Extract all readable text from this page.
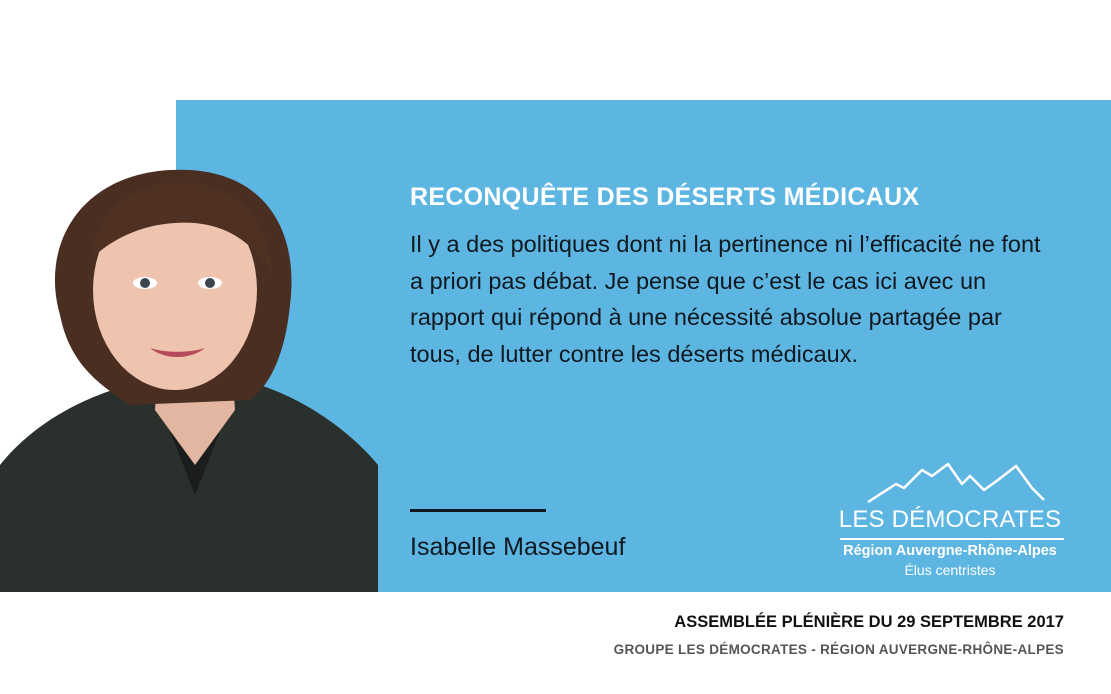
RECONQUÊTE DES DÉSERTS MÉDICAUX

Il y a des politiques dont ni la pertinence ni l’efficacité ne font a priori pas débat. Je pense que c’est le cas ici avec un rapport qui répond à une nécessité absolue partagée par tous, de lutter contre les déserts médicaux.

Isabelle Massebeuf

LES DÉMOCRATES
Région Auvergne-Rhône-Alpes
Élus centristes
ASSEMBLÉE PLÉNIÈRE DU 29 SEPTEMBRE 2017
GROUPE LES DÉMOCRATES - RÉGION AUVERGNE-RHÔNE-ALPES
